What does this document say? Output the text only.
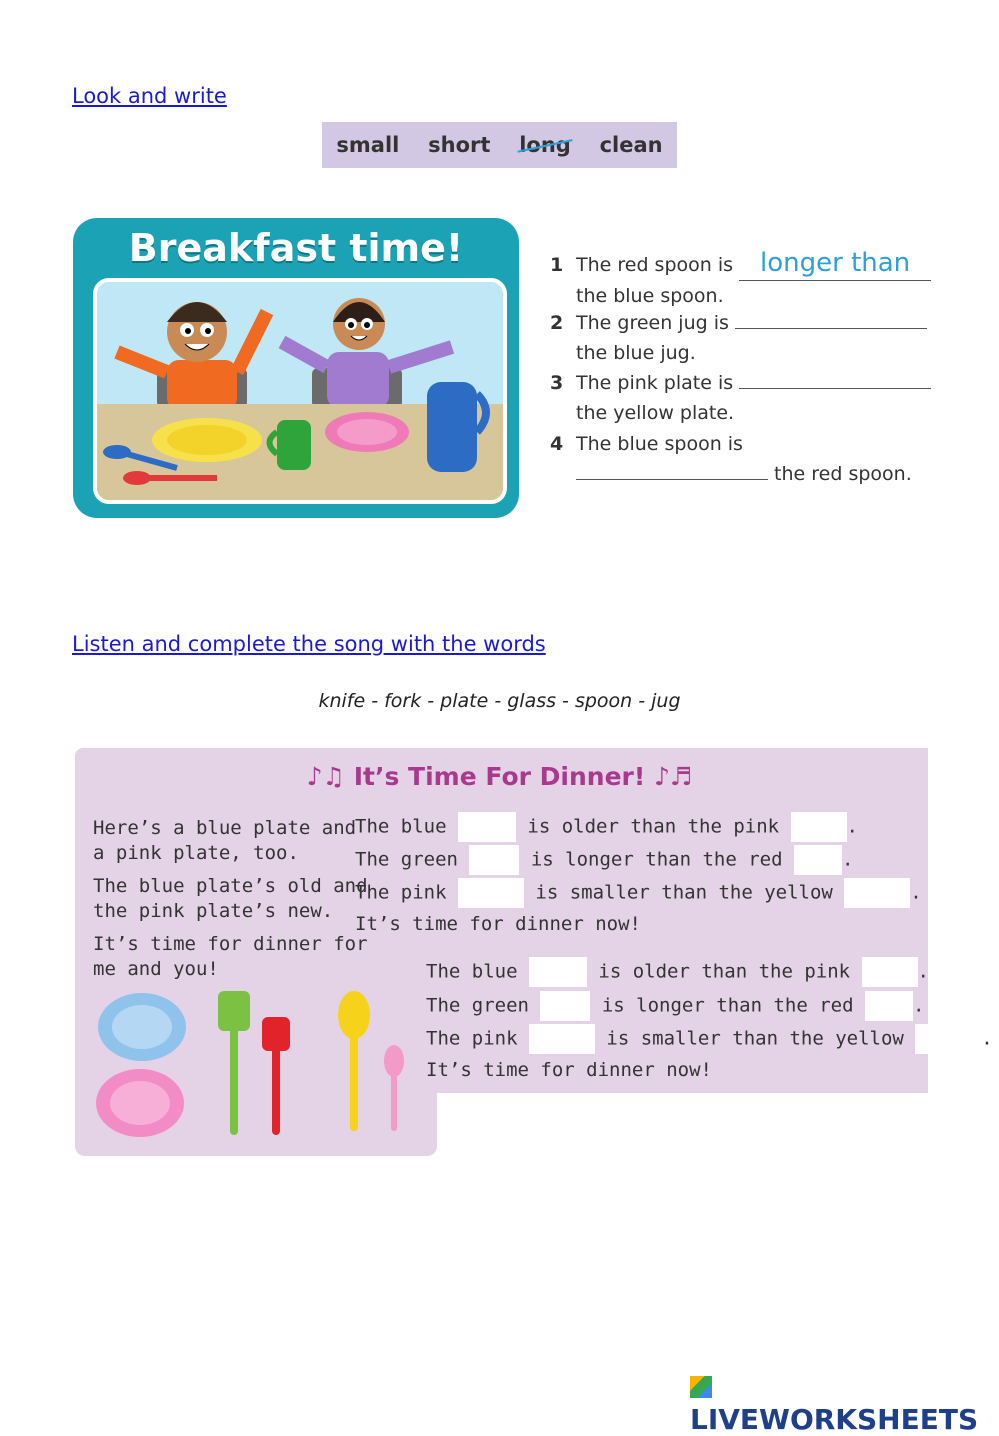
Look and write
small short long clean
Breakfast time!	1 The red spoon is longer than
the blue spoon.
2 The green jug is
the blue jug.
3 The pink plate is
the yellow plate.
4 The blue spoon is
the red spoon.
Listen and complete the song with the words
knife - fork - plate - glass - spoon - jug
♪♫ It’s Time For Dinner! ♪♬
Here’s a blue plate and
a pink plate, too.
The blue plate’s old and
the pink plate’s new.
It’s time for dinner for
me and you!
The blue	is older than the pink	.
The green	is longer than the red	.
The pink	is smaller than the yellow	.
It’s time for dinner now!
The blue	is older than the pink	.
The green	is longer than the red	.
The pink	is smaller than the yellow	.
It’s time for dinner now!
LIVEWORKSHEETS
